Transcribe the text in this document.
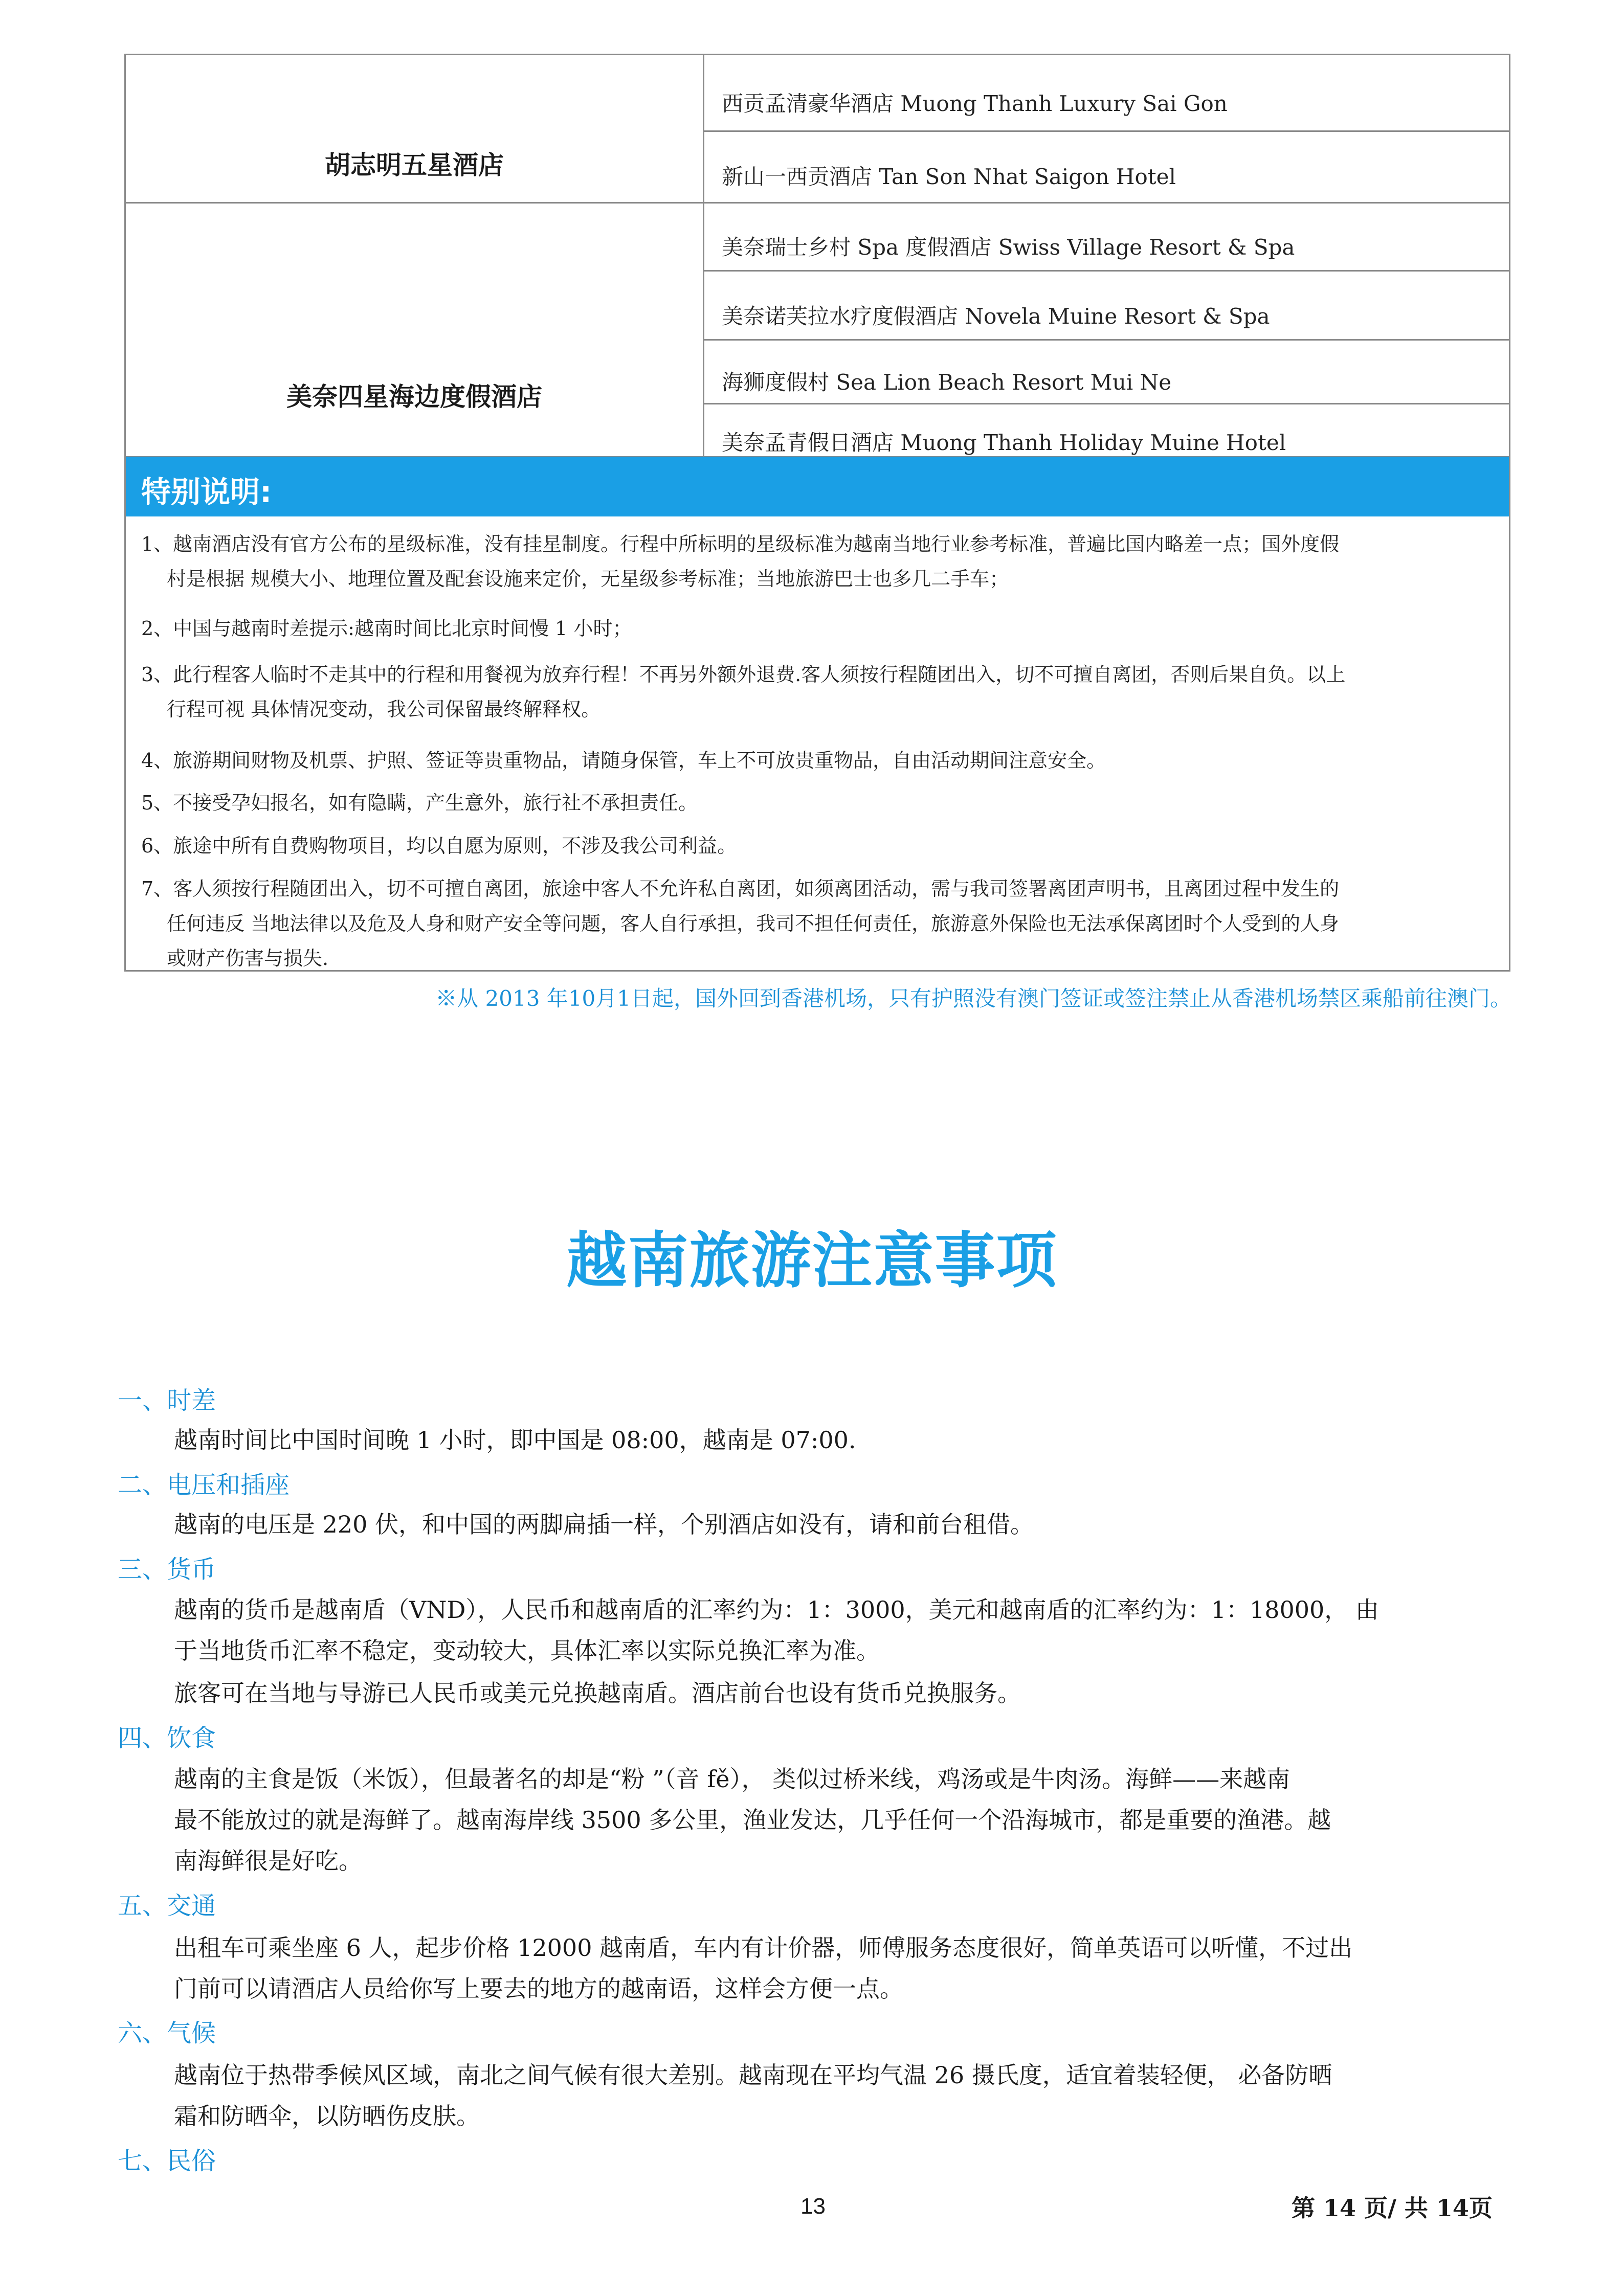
胡志明五星酒店
西贡孟清豪华酒店 Muong Thanh Luxury Sai Gon
新山一西贡酒店 Tan Son Nhat Saigon Hotel
美奈四星海边度假酒店
美奈瑞士乡村 Spa 度假酒店 Swiss Village Resort & Spa
美奈诺芙拉水疗度假酒店 Novela Muine Resort & Spa
海狮度假村 Sea Lion Beach Resort Mui Ne
美奈孟青假日酒店 Muong Thanh Holiday Muine Hotel
特别说明:
1、越南酒店没有官方公布的星级标准，没有挂星制度。行程中所标明的星级标准为越南当地行业参考标准，普遍比国内略差一点；国外度假
村是根据 规模大小、地理位置及配套设施来定价，无星级参考标准；当地旅游巴士也多几二手车；
2、中国与越南时差提示:越南时间比北京时间慢 1 小时；
3、此行程客人临时不走其中的行程和用餐视为放弃行程！不再另外额外退费.客人须按行程随团出入，切不可擅自离团，否则后果自负。以上
行程可视 具体情况变动，我公司保留最终解释权。
4、旅游期间财物及机票、护照、签证等贵重物品，请随身保管，车上不可放贵重物品，自由活动期间注意安全。
5、不接受孕妇报名，如有隐瞒，产生意外，旅行社不承担责任。
6、旅途中所有自费购物项目，均以自愿为原则，不涉及我公司利益。
7、客人须按行程随团出入，切不可擅自离团，旅途中客人不允许私自离团，如须离团活动，需与我司签署离团声明书，且离团过程中发生的
任何违反 当地法律以及危及人身和财产安全等问题，客人自行承担，我司不担任何责任，旅游意外保险也无法承保离团时个人受到的人身
或财产伤害与损失.
※从 2013 年10月1日起，国外回到香港机场，只有护照没有澳门签证或签注禁止从香港机场禁区乘船前往澳门。
越南旅游注意事项
一、时差
越南时间比中国时间晚 1 小时，即中国是 08:00，越南是 07:00.
二、电压和插座
越南的电压是 220 伏，和中国的两脚扁插一样，个别酒店如没有，请和前台租借。
三、货币
越南的货币是越南盾（VND），人民币和越南盾的汇率约为：1：3000，美元和越南盾的汇率约为：1：18000， 由
于当地货币汇率不稳定，变动较大，具体汇率以实际兑换汇率为准。
旅客可在当地与导游已人民币或美元兑换越南盾。酒店前台也设有货币兑换服务。
四、饮食
越南的主食是饭（米饭），但最著名的却是“粉 ”（音 fě）， 类似过桥米线，鸡汤或是牛肉汤。海鲜——来越南
最不能放过的就是海鲜了。越南海岸线 3500 多公里，渔业发达，几乎任何一个沿海城市，都是重要的渔港。越
南海鲜很是好吃。
五、交通
出租车可乘坐座 6 人，起步价格 12000 越南盾，车内有计价器，师傅服务态度很好，简单英语可以听懂，不过出
门前可以请酒店人员给你写上要去的地方的越南语，这样会方便一点。
六、气候
越南位于热带季候风区域，南北之间气候有很大差别。越南现在平均气温 26 摄氏度，适宜着装轻便， 必备防晒
霜和防晒伞，以防晒伤皮肤。
七、民俗
13	第 14 页/ 共 14页
